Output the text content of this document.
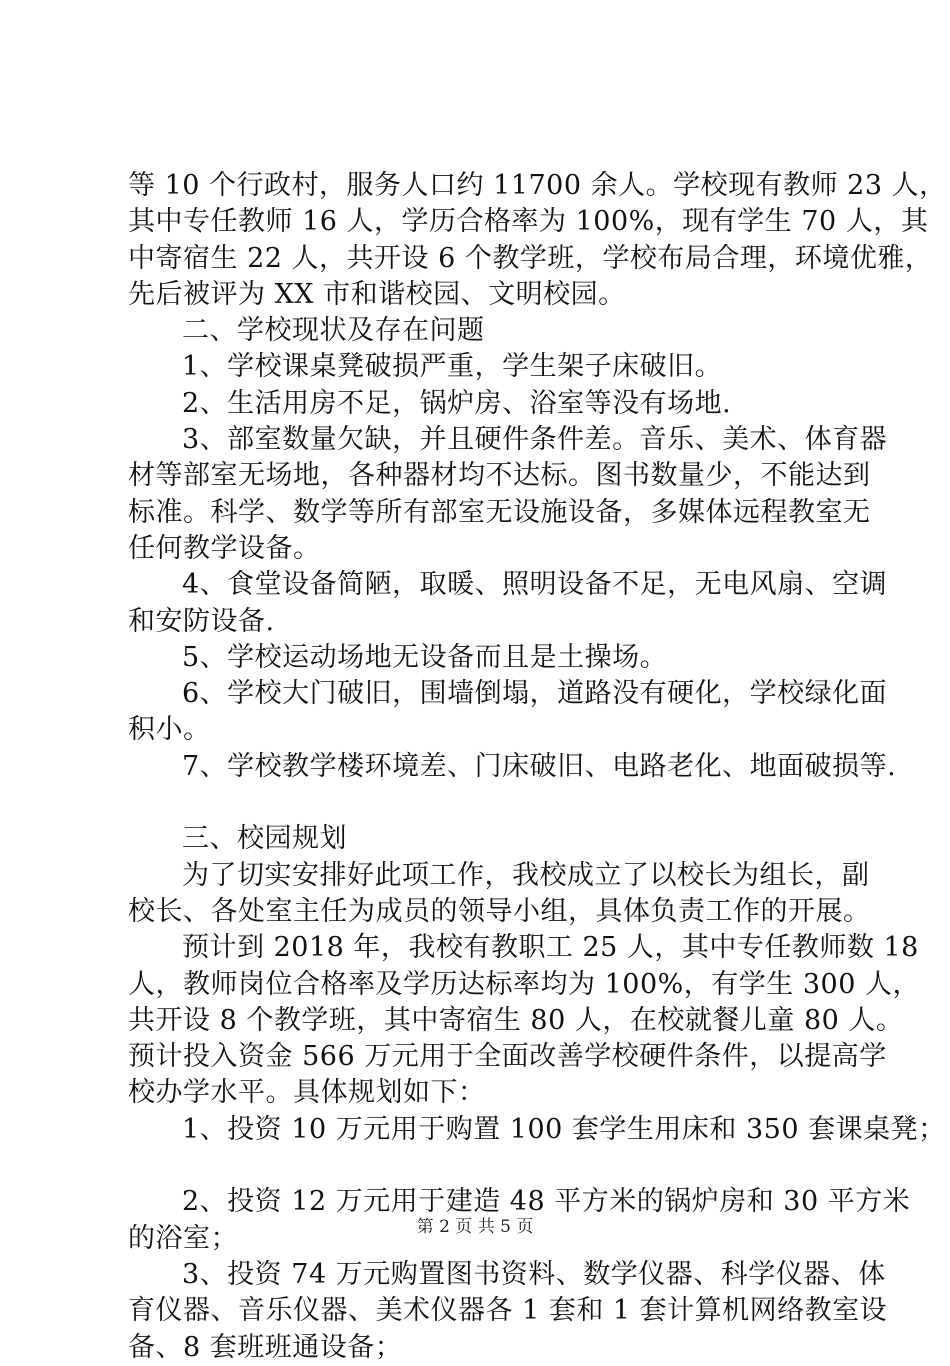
等 10 个行政村，服务人口约 11700 余人。学校现有教师 23 人，
其中专任教师 16 人，学历合格率为 100%，现有学生 70 人，其
中寄宿生 22 人，共开设 6 个教学班，学校布局合理，环境优雅，
先后被评为 XX 市和谐校园、文明校园。
二、学校现状及存在问题
1、学校课桌凳破损严重，学生架子床破旧。
2、生活用房不足，锅炉房、浴室等没有场地.
3、部室数量欠缺，并且硬件条件差。音乐、美术、体育器
材等部室无场地，各种器材均不达标。图书数量少，不能达到
标准。科学、数学等所有部室无设施设备，多媒体远程教室无
任何教学设备。
4、食堂设备简陋，取暖、照明设备不足，无电风扇、空调
和安防设备.
5、学校运动场地无设备而且是土操场。
6、学校大门破旧，围墙倒塌，道路没有硬化，学校绿化面
积小。
7、学校教学楼环境差、门床破旧、电路老化、地面破损等.
三、校园规划
为了切实安排好此项工作，我校成立了以校长为组长，副
校长、各处室主任为成员的领导小组，具体负责工作的开展。
预计到 2018 年，我校有教职工 25 人，其中专任教师数 18
人，教师岗位合格率及学历达标率均为 100%，有学生 300 人，
共开设 8 个教学班，其中寄宿生 80 人，在校就餐儿童 80 人。
预计投入资金 566 万元用于全面改善学校硬件条件，以提高学
校办学水平。具体规划如下：
1、投资 10 万元用于购置 100 套学生用床和 350 套课桌凳；
2、投资 12 万元用于建造 48 平方米的锅炉房和 30 平方米
的浴室；
3、投资 74 万元购置图书资料、数学仪器、科学仪器、体
育仪器、音乐仪器、美术仪器各 1 套和 1 套计算机网络教室设
备、8 套班班通设备；
第 2 页 共 5 页
